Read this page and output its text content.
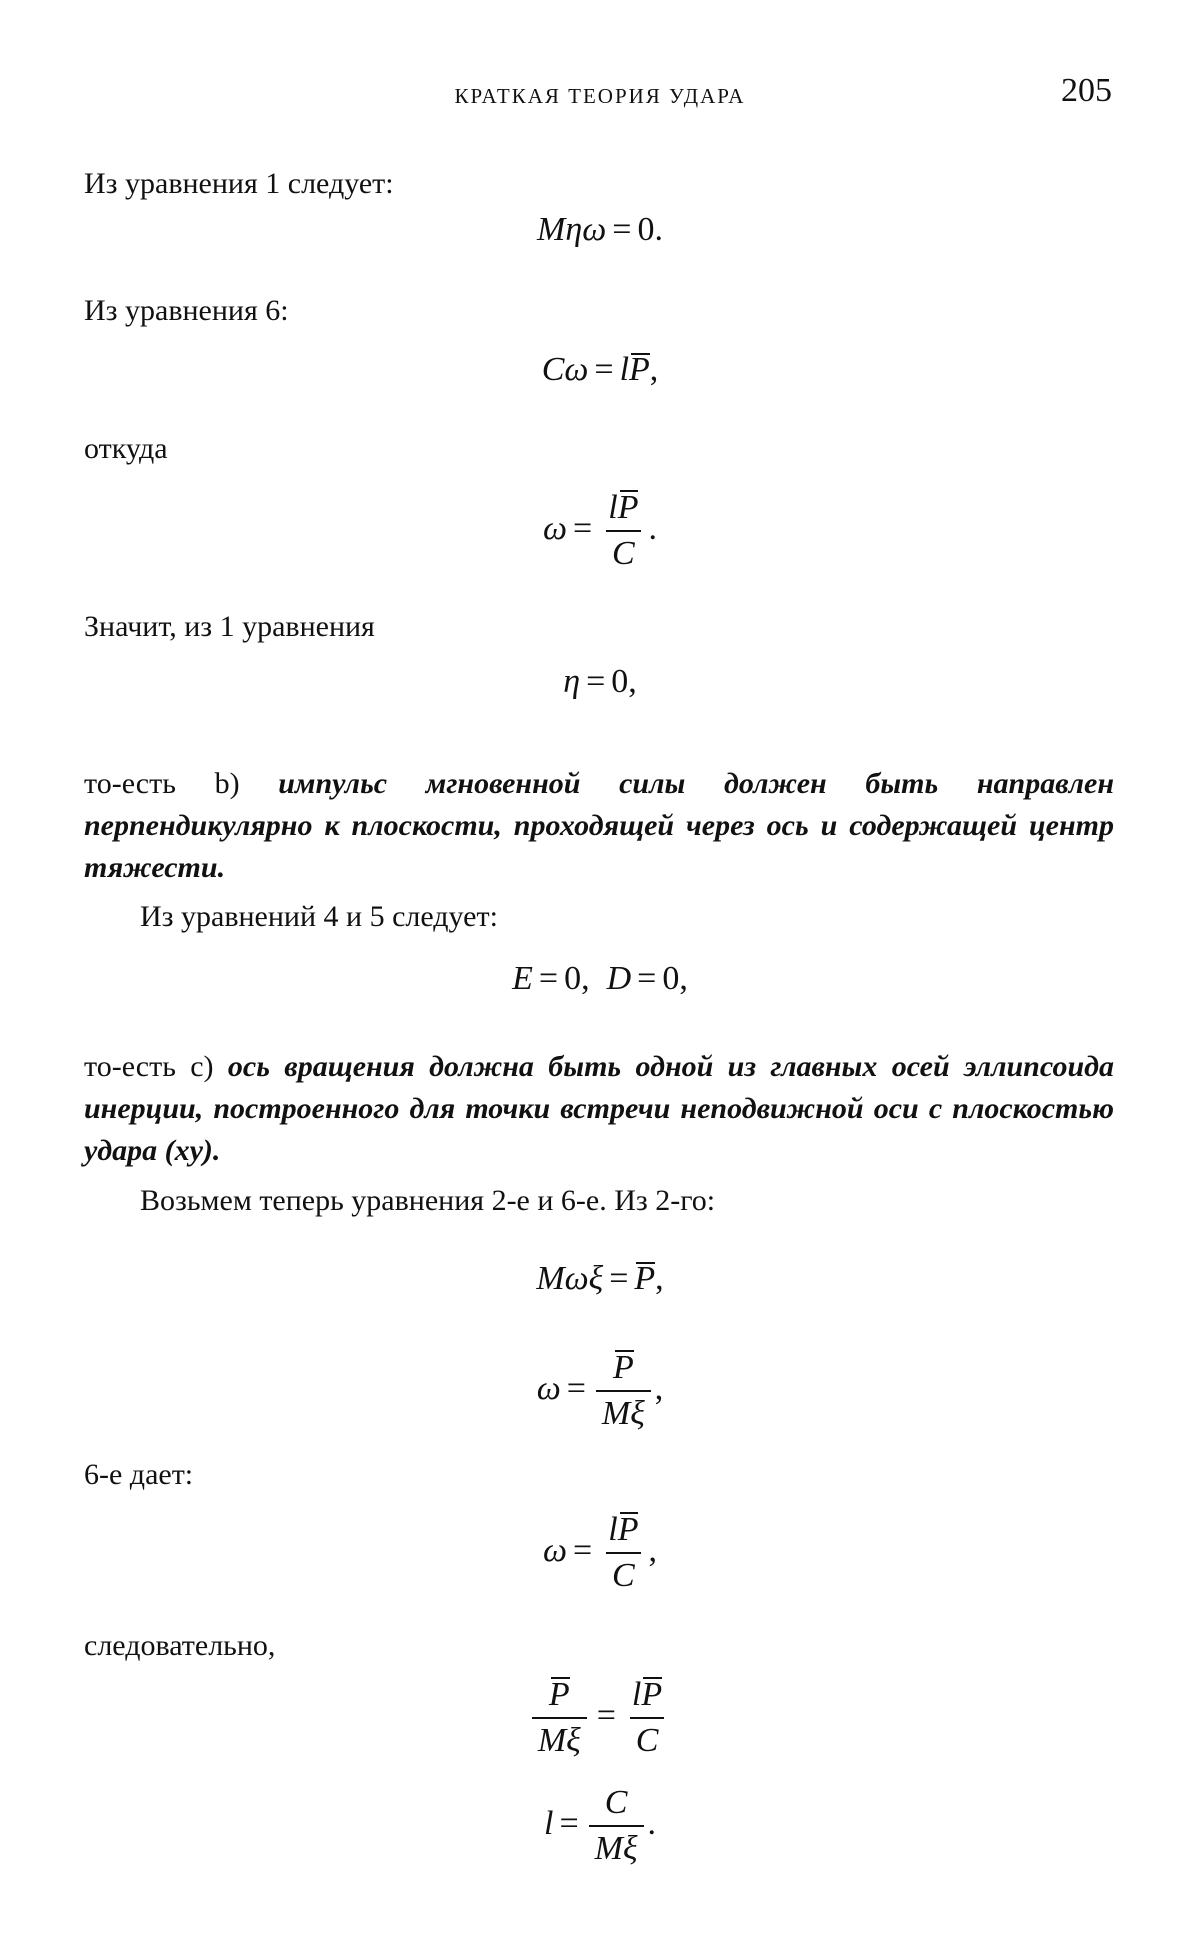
КРАТКАЯ ТЕОРИЯ УДАРА	205
Из уравнения 1 следует:
Mηω = 0.
Из уравнения 6:
Cω = lP,
откуда
$\omega = \frac{lP}{C}$ .
Значит, из 1 уравнения
η = 0,
то-есть b) импульс мгновенной силы должен быть направлен перпендикулярно к плоскости, проходящей через ось и содержащей центр тяжести.
Из уравнений 4 и 5 следует:
E = 0, D = 0,
то-есть с) ось вращения должна быть одной из главных осей эллипсоида инерции, построенного для точки встречи неподвижной оси с плоскостью удара (xy).
Возьмем теперь уравнения 2-е и 6-е. Из 2-го:
Mωξ = P,
$\omega = \frac{P}{M\xi}$ ,
6-е дает:
$\omega = \frac{lP}{C}$ ,
следовательно,
$\frac{P}{M\xi} = \frac{lP}{C}$
$l = \frac{C}{M\xi}$ .
